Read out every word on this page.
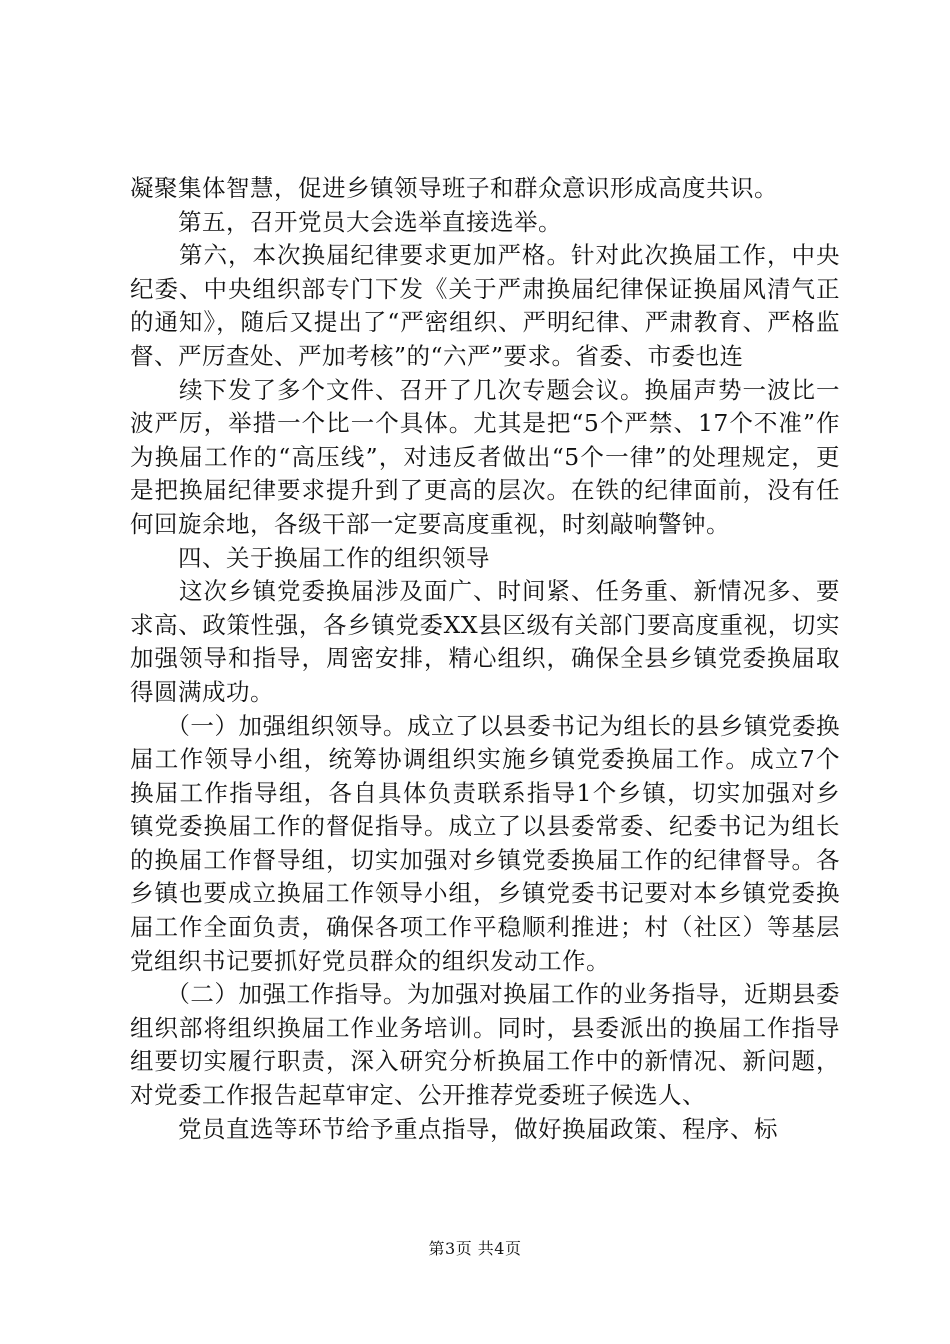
凝聚集体智慧，促进乡镇领导班子和群众意识形成高度共识。

　　第五，召开党员大会选举直接选举。

　　第六，本次换届纪律要求更加严格。针对此次换届工作，中央纪委、中央组织部专门下发《关于严肃换届纪律保证换届风清气正的通知》，随后又提出了“严密组织、严明纪律、严肃教育、严格监督、严厉查处、严加考核”的“六严”要求。省委、市委也连

　　续下发了多个文件、召开了几次专题会议。换届声势一波比一波严厉，举措一个比一个具体。尤其是把“5个严禁、17个不准”作为换届工作的“高压线”，对违反者做出“5个一律”的处理规定，更是把换届纪律要求提升到了更高的层次。在铁的纪律面前，没有任何回旋余地，各级干部一定要高度重视，时刻敲响警钟。

　　四、关于换届工作的组织领导

　　这次乡镇党委换届涉及面广、时间紧、任务重、新情况多、要求高、政策性强，各乡镇党委XX县区级有关部门要高度重视，切实加强领导和指导，周密安排，精心组织，确保全县乡镇党委换届取得圆满成功。

　　（一）加强组织领导。成立了以县委书记为组长的县乡镇党委换届工作领导小组，统筹协调组织实施乡镇党委换届工作。成立7个换届工作指导组，各自具体负责联系指导1个乡镇，切实加强对乡镇党委换届工作的督促指导。成立了以县委常委、纪委书记为组长的换届工作督导组，切实加强对乡镇党委换届工作的纪律督导。各乡镇也要成立换届工作领导小组，乡镇党委书记要对本乡镇党委换届工作全面负责，确保各项工作平稳顺利推进；村（社区）等基层党组织书记要抓好党员群众的组织发动工作。

　　（二）加强工作指导。为加强对换届工作的业务指导，近期县委组织部将组织换届工作业务培训。同时，县委派出的换届工作指导组要切实履行职责，深入研究分析换届工作中的新情况、新问题，对党委工作报告起草审定、公开推荐党委班子候选人、

　　党员直选等环节给予重点指导，做好换届政策、程序、标

第3页 共4页
